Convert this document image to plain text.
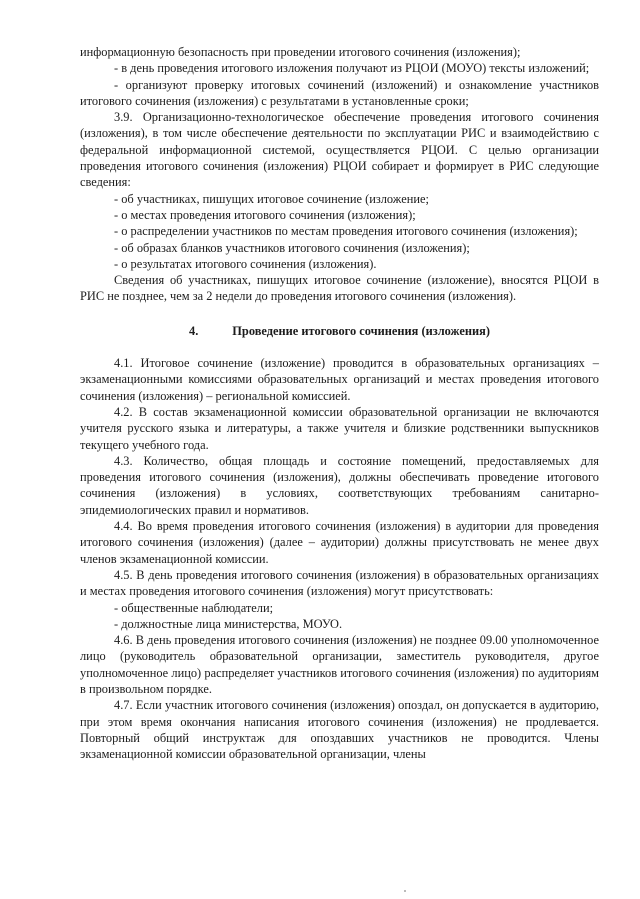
информационную безопасность при проведении итогового сочинения (изложения);

- в день проведения итогового изложения получают из РЦОИ (МОУО) тексты изложений;

- организуют проверку итоговых сочинений (изложений) и ознакомление участников итогового сочинения (изложения) с результатами в установленные сроки;

3.9. Организационно-технологическое обеспечение проведения итогового сочинения (изложения), в том числе обеспечение деятельности по эксплуатации РИС и взаимодействию с федеральной информационной системой, осуществляется РЦОИ. С целью организации проведения итогового сочинения (изложения) РЦОИ собирает и формирует в РИС следующие сведения:

- об участниках, пишущих итоговое сочинение (изложение;

- о местах проведения итогового сочинения (изложения);

- о распределении участников по местам проведения итогового сочинения (изложения);

- об образах бланков участников итогового сочинения (изложения);

- о результатах итогового сочинения (изложения).

Сведения об участниках, пишущих итоговое сочинение (изложение), вносятся РЦОИ в РИС не позднее, чем за 2 недели до проведения итогового сочинения (изложения).

4.	Проведение итогового сочинения (изложения)

4.1. Итоговое сочинение (изложение) проводится в образовательных организациях – экзаменационными комиссиями образовательных организаций и местах проведения итогового сочинения (изложения) – региональной комиссией.

4.2. В состав экзаменационной комиссии образовательной организации не включаются учителя русского языка и литературы, а также учителя и близкие родственники выпускников текущего учебного года.

4.3. Количество, общая площадь и состояние помещений, предоставляемых для проведения итогового сочинения (изложения), должны обеспечивать проведение итогового сочинения (изложения) в условиях, соответствующих требованиям санитарно-эпидемиологических правил и нормативов.

4.4. Во время проведения итогового сочинения (изложения) в аудитории для проведения итогового сочинения (изложения) (далее – аудитории) должны присутствовать не менее двух членов экзаменационной комиссии.

4.5. В день проведения итогового сочинения (изложения) в образовательных организациях и местах проведения итогового сочинения (изложения) могут присутствовать:

- общественные наблюдатели;

- должностные лица министерства, МОУО.

4.6. В день проведения итогового сочинения (изложения) не позднее 09.00 уполномоченное лицо (руководитель образовательной организации, заместитель руководителя, другое уполномоченное лицо) распределяет участников итогового сочинения (изложения) по аудиториям в произвольном порядке.

4.7. Если участник итогового сочинения (изложения) опоздал, он допускается в аудиторию, при этом время окончания написания итогового сочинения (изложения) не продлевается. Повторный общий инструктаж для опоздавших участников не проводится. Члены экзаменационной комиссии образовательной организации, члены
